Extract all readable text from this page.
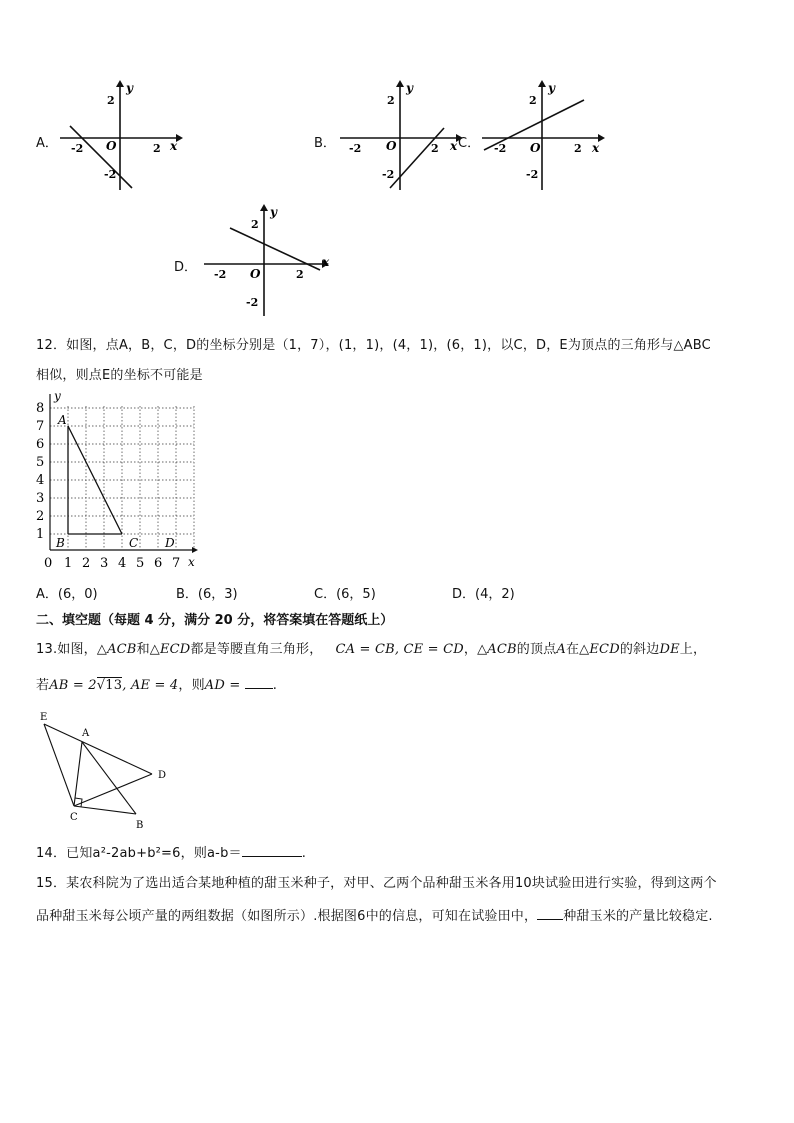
A．
y
x
2
-2 O	2
-2
B．
y
x
2
-2 O	2
-2
C．
y
x
2
-2 O	2
-2
D．
y
x
2
-2 O	2
-2
12．如图，点A，B，C，D的坐标分别是（1，7），(1，1)，(4，1)，(6，1)，以C，D，E为顶点的三角形与△ABC
相似，则点E的坐标不可能是
8
7
6
5
4
3
2
1
0 1 2 3 4 5 6 7
y
x
A
B	C D
A．(6，0)	B．(6，3)	C．(6，5)	D．(4，2)
二、填空题（每题 4 分，满分 20 分，将答案填在答题纸上）
13.如图，△ACB和△ECD都是等腰直角三角形， CA = CB, CE = CD，△ACB的顶点A在△ECD的斜边DE上，
若AB = 2√13, AE = 4，则AD = .
E
A
D
C
B
14．已知a²-2ab+b²=6，则a-b＝	.
15．某农科院为了选出适合某地种植的甜玉米种子，对甲、乙两个品种甜玉米各用10块试验田进行实验，得到这两个
品种甜玉米每公顷产量的两组数据（如图所示）.根据图6中的信息，可知在试验田中， 种甜玉米的产量比较稳定.
